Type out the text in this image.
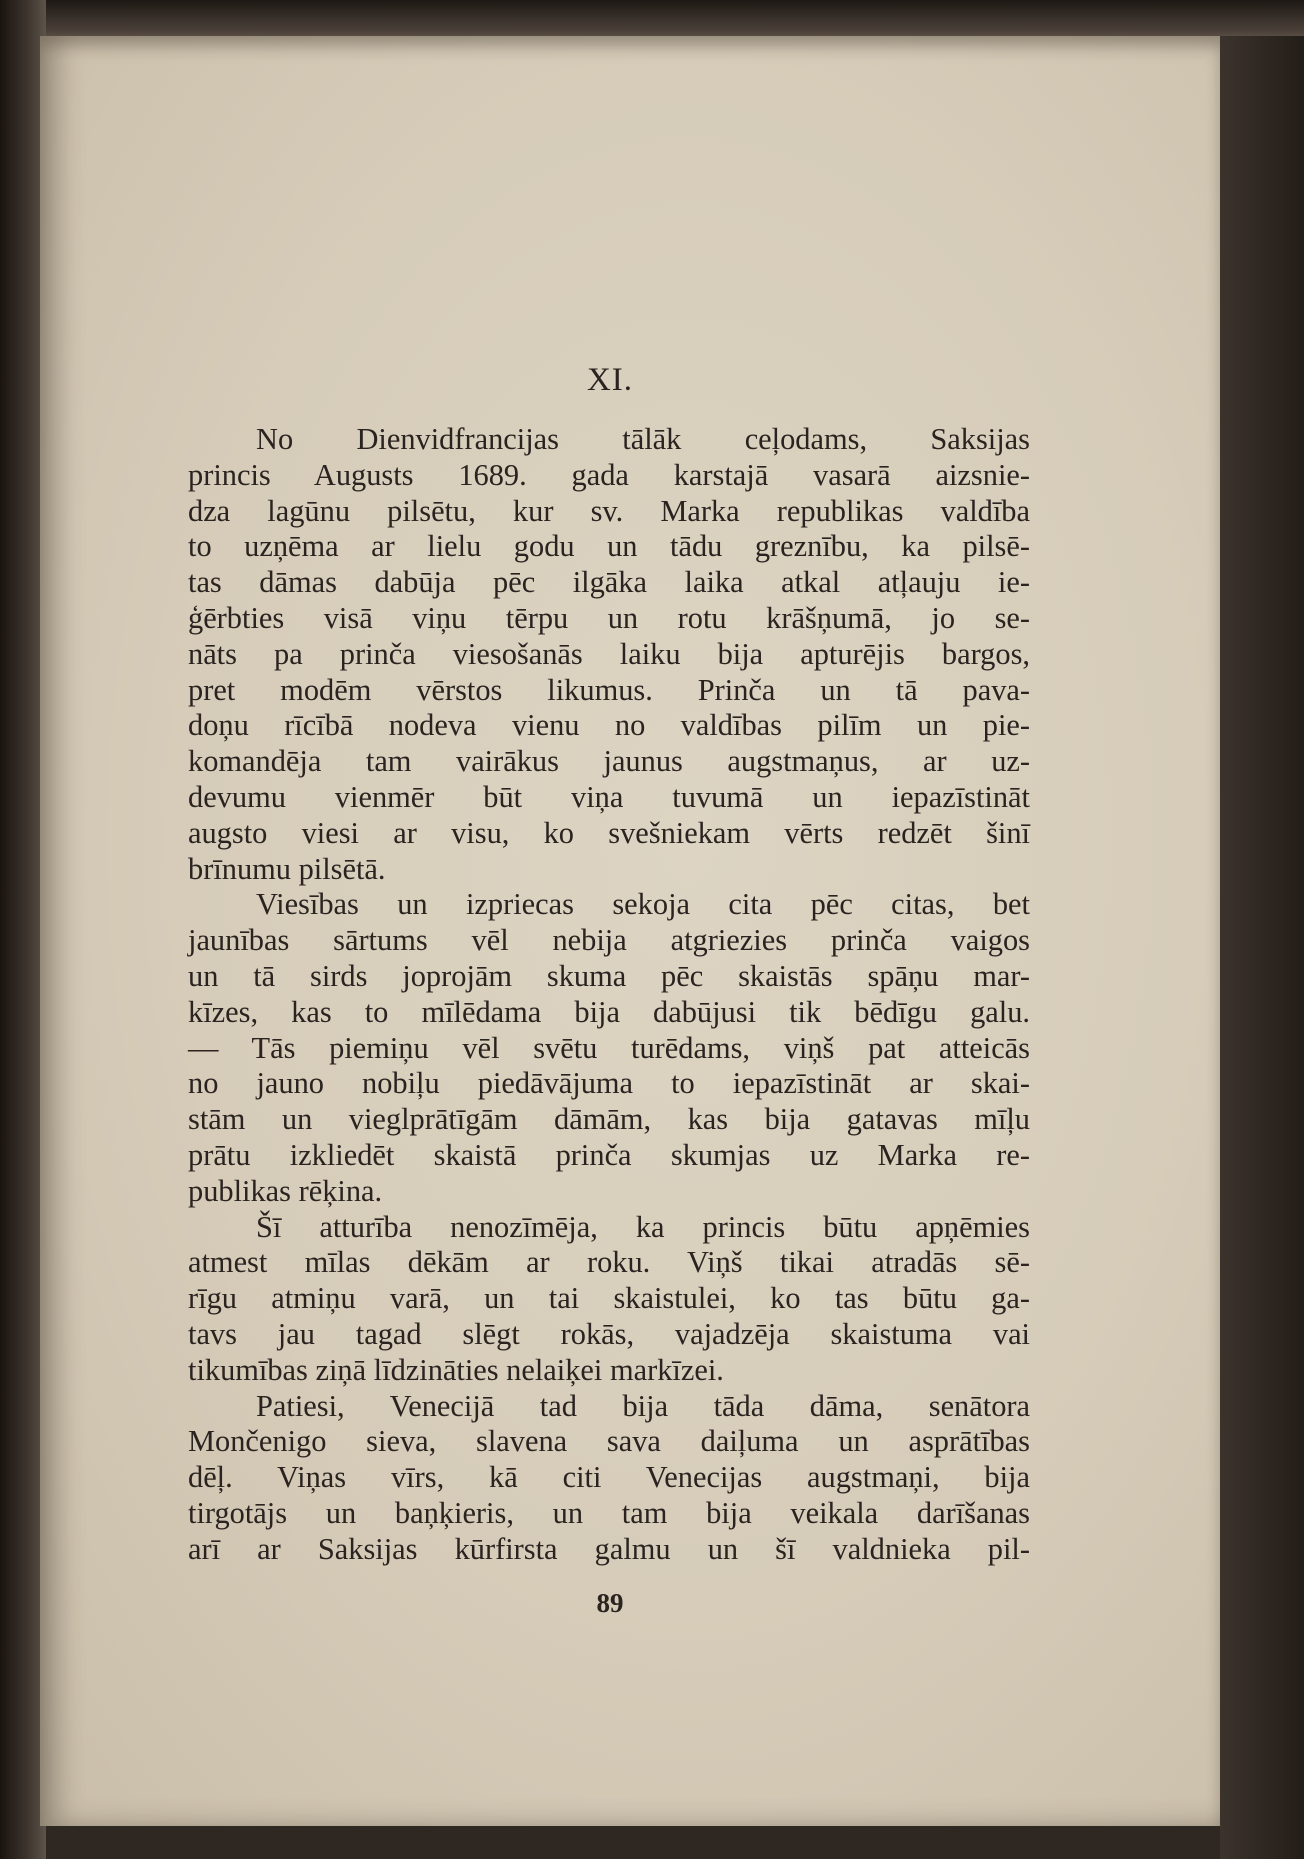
XI.
No Dienvidfrancijas tālāk ceļodams, Saksijas
princis Augusts 1689. gada karstajā vasarā aizsnie-
dza lagūnu pilsētu, kur sv. Marka republikas valdība
to uzņēma ar lielu godu un tādu greznību, ka pilsē-
tas dāmas dabūja pēc ilgāka laika atkal atļauju ie-
ģērbties visā viņu tērpu un rotu krāšņumā, jo se-
nāts pa prinča viesošanās laiku bija apturējis bargos,
pret modēm vērstos likumus. Prinča un tā pava-
doņu rīcībā nodeva vienu no valdības pilīm un pie-
komandēja tam vairākus jaunus augstmaņus, ar uz-
devumu vienmēr būt viņa tuvumā un iepazīstināt
augsto viesi ar visu, ko svešniekam vērts redzēt šinī
brīnumu pilsētā.
Viesības un izpriecas sekoja cita pēc citas, bet
jaunības sārtums vēl nebija atgriezies prinča vaigos
un tā sirds joprojām skuma pēc skaistās spāņu mar-
kīzes, kas to mīlēdama bija dabūjusi tik bēdīgu galu.
— Tās piemiņu vēl svētu turēdams, viņš pat atteicās
no jauno nobiļu piedāvājuma to iepazīstināt ar skai-
stām un vieglprātīgām dāmām, kas bija gatavas mīļu
prātu izkliedēt skaistā prinča skumjas uz Marka re-
publikas rēķina.
Šī atturība nenozīmēja, ka princis būtu apņēmies
atmest mīlas dēkām ar roku. Viņš tikai atradās sē-
rīgu atmiņu varā, un tai skaistulei, ko tas būtu ga-
tavs jau tagad slēgt rokās, vajadzēja skaistuma vai
tikumības ziņā līdzināties nelaiķei markīzei.
Patiesi, Venecijā tad bija tāda dāma, senātora
Mončenigo sieva, slavena sava daiļuma un asprātības
dēļ. Viņas vīrs, kā citi Venecijas augstmaņi, bija
tirgotājs un baņķieris, un tam bija veikala darīšanas
arī ar Saksijas kūrfirsta galmu un šī valdnieka pil-
89
